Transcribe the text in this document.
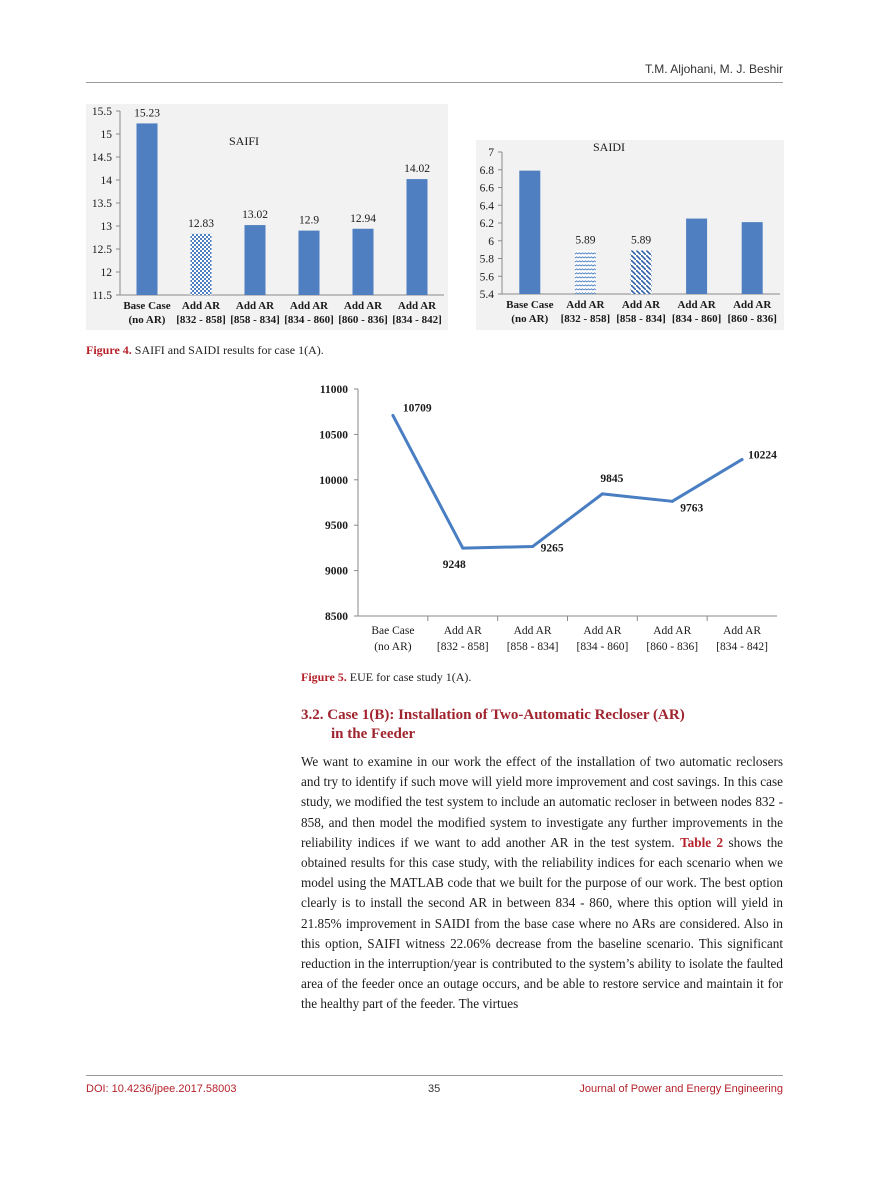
T.M. Aljohani, M. J. Beshir
11.5
12
12.5
13
13.5
14
14.5
15
15.5 15.23
Base Case
(no AR)
12.83
Add AR
[832 - 858]
13.02
Add AR
[858 - 834]
12.9
Add AR
[834 - 860]
12.94
Add AR
[860 - 836]
14.02
Add AR
[834 - 842]
SAIFI
5.4
5.6
5.8
6
6.2
6.4
6.6
6.8
7
Base Case
(no AR)
5.89
Add AR
[832 - 858]
5.89
Add AR
[858 - 834]
Add AR
[834 - 860]
Add AR
[860 - 836]
SAIDI
Figure 4. SAIFI and SAIDI results for case 1(A).
8500
9000
9500
10000
10500
11000
10709
Bae Case
(no AR)
9248
Add AR
[832 - 858]
9265
Add AR
[858 - 834]
9845
Add AR
[834 - 860]
9763
Add AR
[860 - 836]
10224
Add AR
[834 - 842]
Figure 5. EUE for case study 1(A).
3.2. Case 1(B): Installation of Two-Automatic Recloser (AR)
in the Feeder
We want to examine in our work the effect of the installation of two automatic reclosers and try to identify if such move will yield more improvement and cost savings. In this case study, we modified the test system to include an automatic recloser in between nodes 832 - 858, and then model the modified system to investigate any further improvements in the reliability indices if we want to add another AR in the test system. Table 2 shows the obtained results for this case study, with the reliability indices for each scenario when we model using the MATLAB code that we built for the purpose of our work. The best option clearly is to install the second AR in between 834 - 860, where this option will yield in 21.85% improvement in SAIDI from the base case where no ARs are considered. Also in this option, SAIFI witness 22.06% decrease from the baseline scenario. This significant reduction in the interruption/year is contributed to the system’s ability to isolate the faulted area of the feeder once an outage occurs, and be able to restore service and maintain it for the healthy part of the feeder. The virtues
DOI: 10.4236/jpee.2017.58003	35	Journal of Power and Energy Engineering
